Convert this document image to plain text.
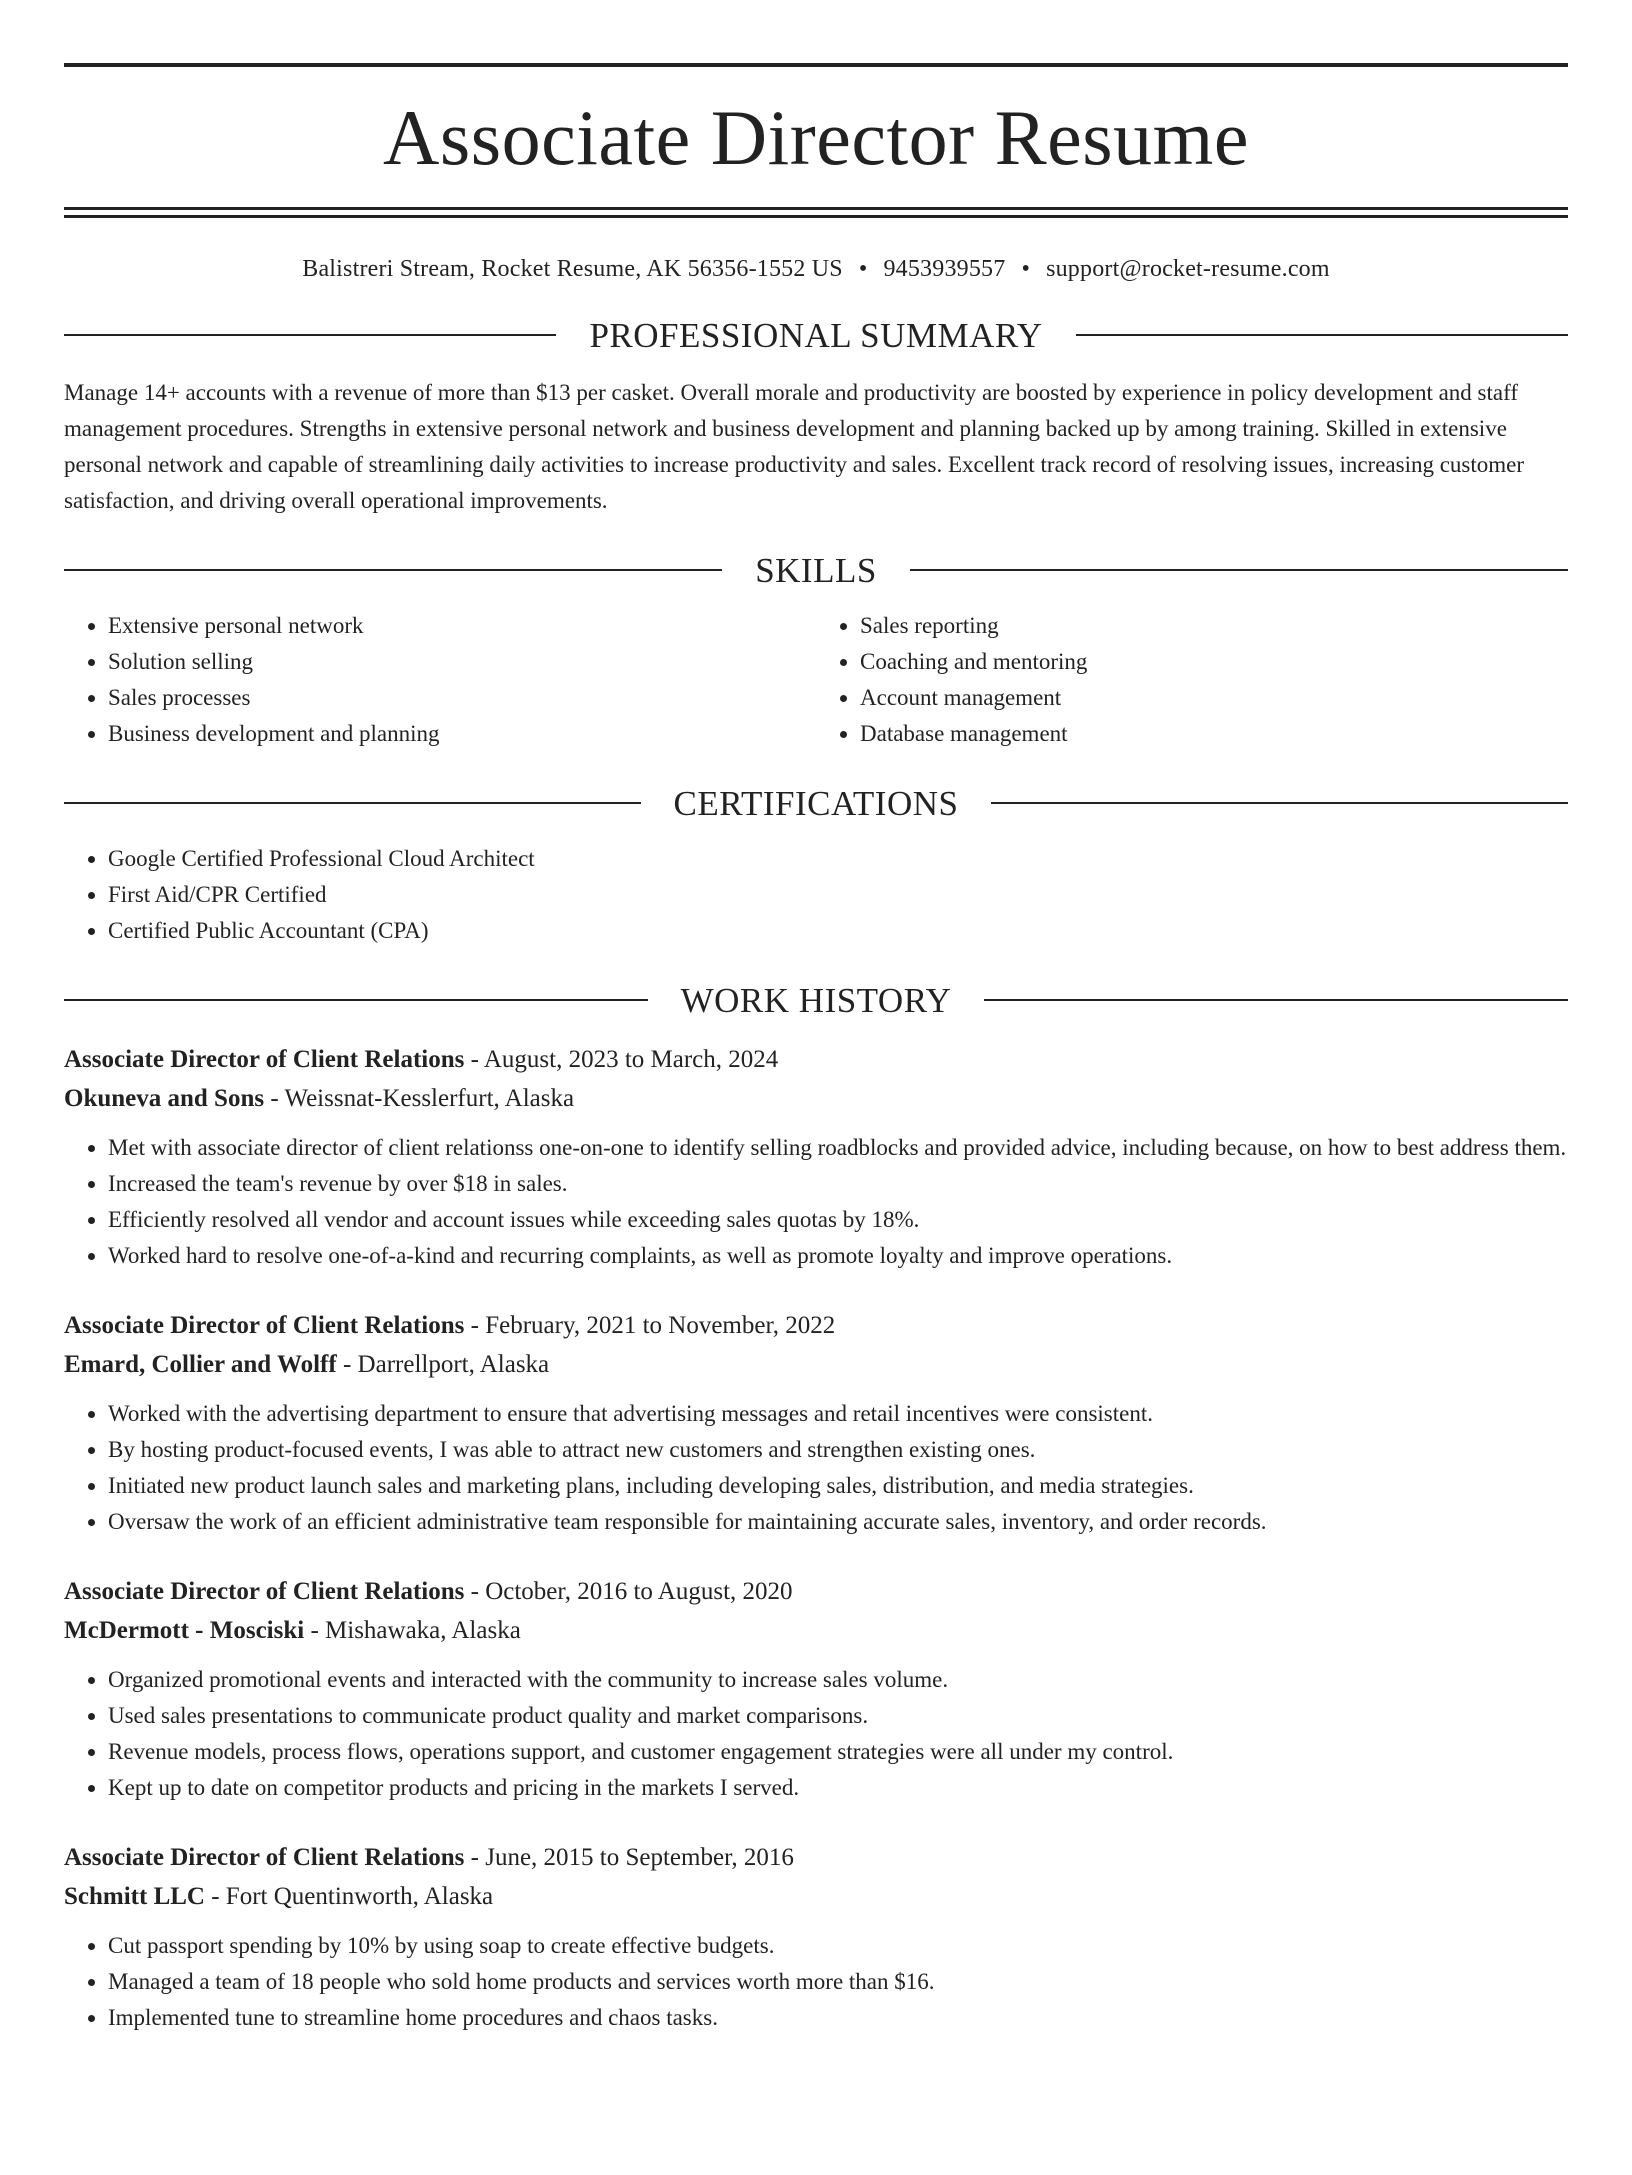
Associate Director Resume
Balistreri Stream, Rocket Resume, AK 56356-1552 US • 9453939557 • support@rocket-resume.com
PROFESSIONAL SUMMARY
Manage 14+ accounts with a revenue of more than $13 per casket. Overall morale and productivity are boosted by experience in policy development and staff management procedures. Strengths in extensive personal network and business development and planning backed up by among training. Skilled in extensive personal network and capable of streamlining daily activities to increase productivity and sales. Excellent track record of resolving issues, increasing customer satisfaction, and driving overall operational improvements.
SKILLS
• Extensive personal network
• Solution selling
• Sales processes
• Business development and planning
• Sales reporting
• Coaching and mentoring
• Account management
• Database management
CERTIFICATIONS
• Google Certified Professional Cloud Architect
• First Aid/CPR Certified
• Certified Public Accountant (CPA)
WORK HISTORY
Associate Director of Client Relations - August, 2023 to March, 2024
Okuneva and Sons - Weissnat-Kesslerfurt, Alaska
• Met with associate director of client relationss one-on-one to identify selling roadblocks and provided advice, including because, on how to best address them.
• Increased the team's revenue by over $18 in sales.
• Efficiently resolved all vendor and account issues while exceeding sales quotas by 18%.
• Worked hard to resolve one-of-a-kind and recurring complaints, as well as promote loyalty and improve operations.
Associate Director of Client Relations - February, 2021 to November, 2022
Emard, Collier and Wolff - Darrellport, Alaska
• Worked with the advertising department to ensure that advertising messages and retail incentives were consistent.
• By hosting product-focused events, I was able to attract new customers and strengthen existing ones.
• Initiated new product launch sales and marketing plans, including developing sales, distribution, and media strategies.
• Oversaw the work of an efficient administrative team responsible for maintaining accurate sales, inventory, and order records.
Associate Director of Client Relations - October, 2016 to August, 2020
McDermott - Mosciski - Mishawaka, Alaska
• Organized promotional events and interacted with the community to increase sales volume.
• Used sales presentations to communicate product quality and market comparisons.
• Revenue models, process flows, operations support, and customer engagement strategies were all under my control.
• Kept up to date on competitor products and pricing in the markets I served.
Associate Director of Client Relations - June, 2015 to September, 2016
Schmitt LLC - Fort Quentinworth, Alaska
• Cut passport spending by 10% by using soap to create effective budgets.
• Managed a team of 18 people who sold home products and services worth more than $16.
• Implemented tune to streamline home procedures and chaos tasks.
